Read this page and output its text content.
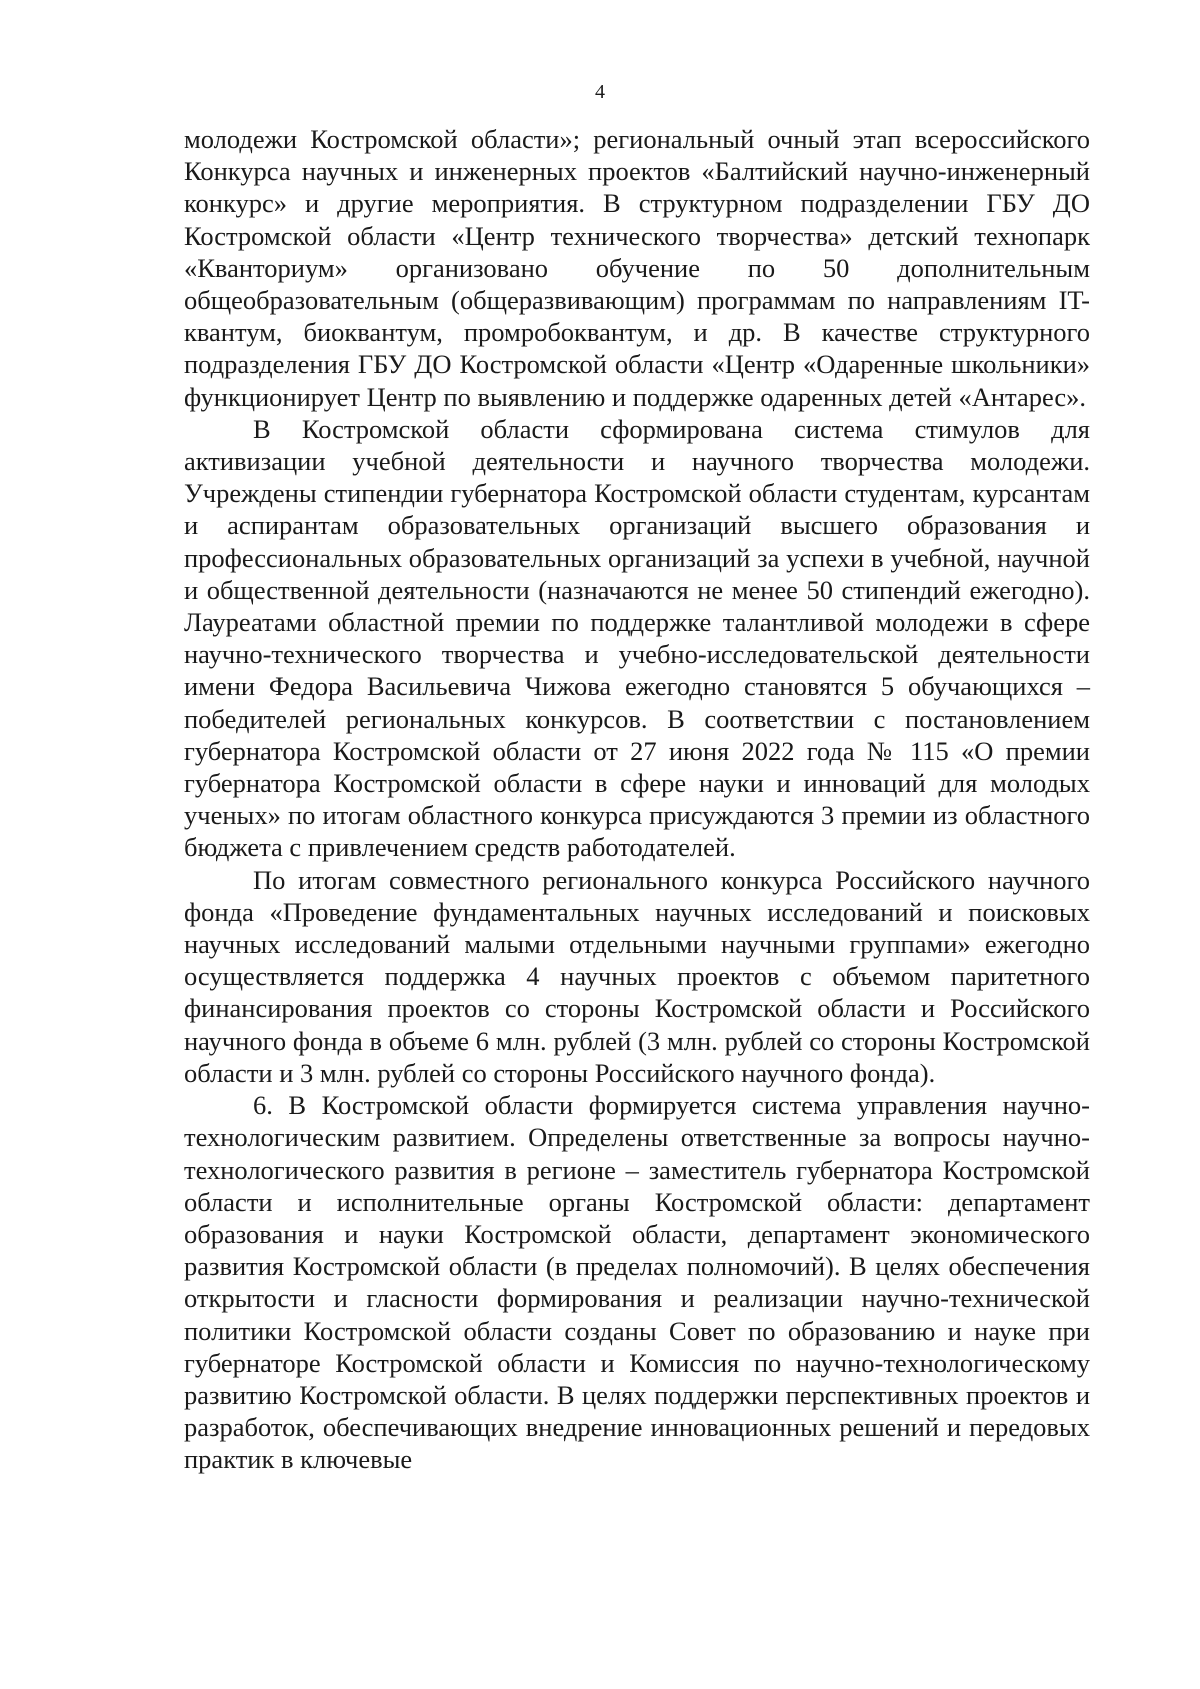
4

молодежи Костромской области»; региональный очный этап всероссийского Конкурса научных и инженерных проектов «Балтийский научно-инженерный конкурс» и другие мероприятия. В структурном подразделении ГБУ ДО Костромской области «Центр технического творчества» детский технопарк «Кванториум» организовано обучение по 50 дополнительным общеобразовательным (общеразвивающим) программам по направлениям IT-квантум, биоквантум, промробоквантум, и др. В качестве структурного подразделения ГБУ ДО Костромской области «Центр «Одаренные школьники» функционирует Центр по выявлению и поддержке одаренных детей «Антарес».

В Костромской области сформирована система стимулов для активизации учебной деятельности и научного творчества молодежи. Учреждены стипендии губернатора Костромской области студентам, курсантам и аспирантам образовательных организаций высшего образования и профессиональных образовательных организаций за успехи в учебной, научной и общественной деятельности (назначаются не менее 50 стипендий ежегодно). Лауреатами областной премии по поддержке талантливой молодежи в сфере научно-технического творчества и учебно-исследовательской деятельности имени Федора Васильевича Чижова ежегодно становятся 5 обучающихся – победителей региональных конкурсов. В соответствии с постановлением губернатора Костромской области от 27 июня 2022 года № 115 «О премии губернатора Костромской области в сфере науки и инноваций для молодых ученых» по итогам областного конкурса присуждаются 3 премии из областного бюджета с привлечением средств работодателей.

По итогам совместного регионального конкурса Российского научного фонда «Проведение фундаментальных научных исследований и поисковых научных исследований малыми отдельными научными группами» ежегодно осуществляется поддержка 4 научных проектов с объемом паритетного финансирования проектов со стороны Костромской области и Российского научного фонда в объеме 6 млн. рублей (3 млн. рублей со стороны Костромской области и 3 млн. рублей со стороны Российского научного фонда).

6. В Костромской области формируется система управления научно-технологическим развитием. Определены ответственные за вопросы научно-технологического развития в регионе – заместитель губернатора Костромской области и исполнительные органы Костромской области: департамент образования и науки Костромской области, департамент экономического развития Костромской области (в пределах полномочий). В целях обеспечения открытости и гласности формирования и реализации научно-технической политики Костромской области созданы Совет по образованию и науке при губернаторе Костромской области и Комиссия по научно-технологическому развитию Костромской области. В целях поддержки перспективных проектов и разработок, обеспечивающих внедрение инновационных решений и передовых практик в ключевые
